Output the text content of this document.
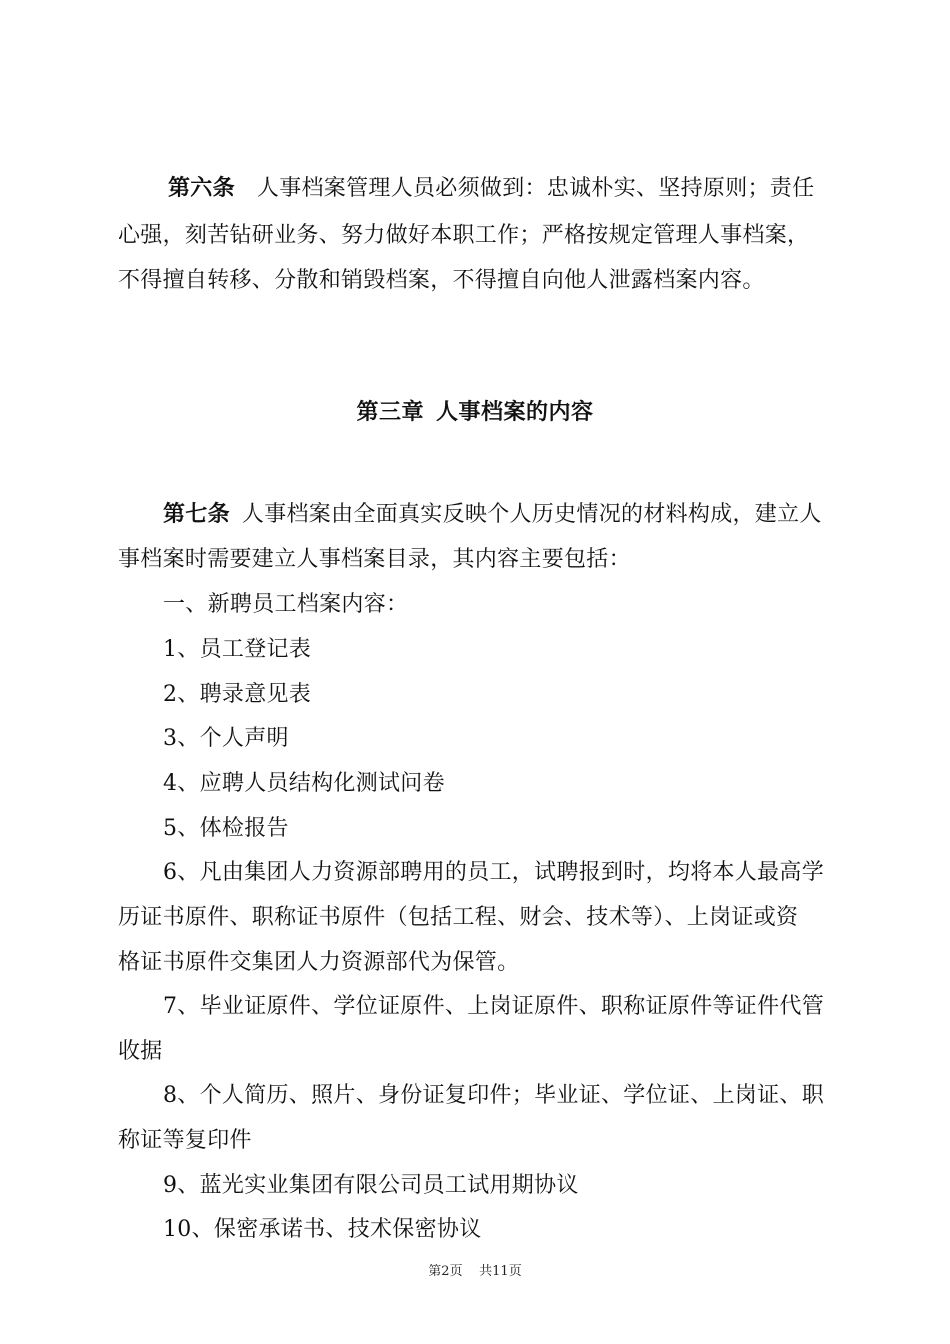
第六条 人事档案管理人员必须做到：忠诚朴实、坚持原则；责任
心强，刻苦钻研业务、努力做好本职工作；严格按规定管理人事档案，
不得擅自转移、分散和销毁档案，不得擅自向他人泄露档案内容。
第三章 人事档案的内容
第七条 人事档案由全面真实反映个人历史情况的材料构成，建立人
事档案时需要建立人事档案目录，其内容主要包括：
一、新聘员工档案内容：
1、员工登记表
2、聘录意见表
3、个人声明
4、应聘人员结构化测试问卷
5、体检报告
6、凡由集团人力资源部聘用的员工，试聘报到时，均将本人最高学
历证书原件、职称证书原件（包括工程、财会、技术等）、上岗证或资
格证书原件交集团人力资源部代为保管。
7、毕业证原件、学位证原件、上岗证原件、职称证原件等证件代管
收据
8、个人简历、照片、身份证复印件；毕业证、学位证、上岗证、职
称证等复印件
9、蓝光实业集团有限公司员工试用期协议
10、保密承诺书、技术保密协议
第2页 共11页
